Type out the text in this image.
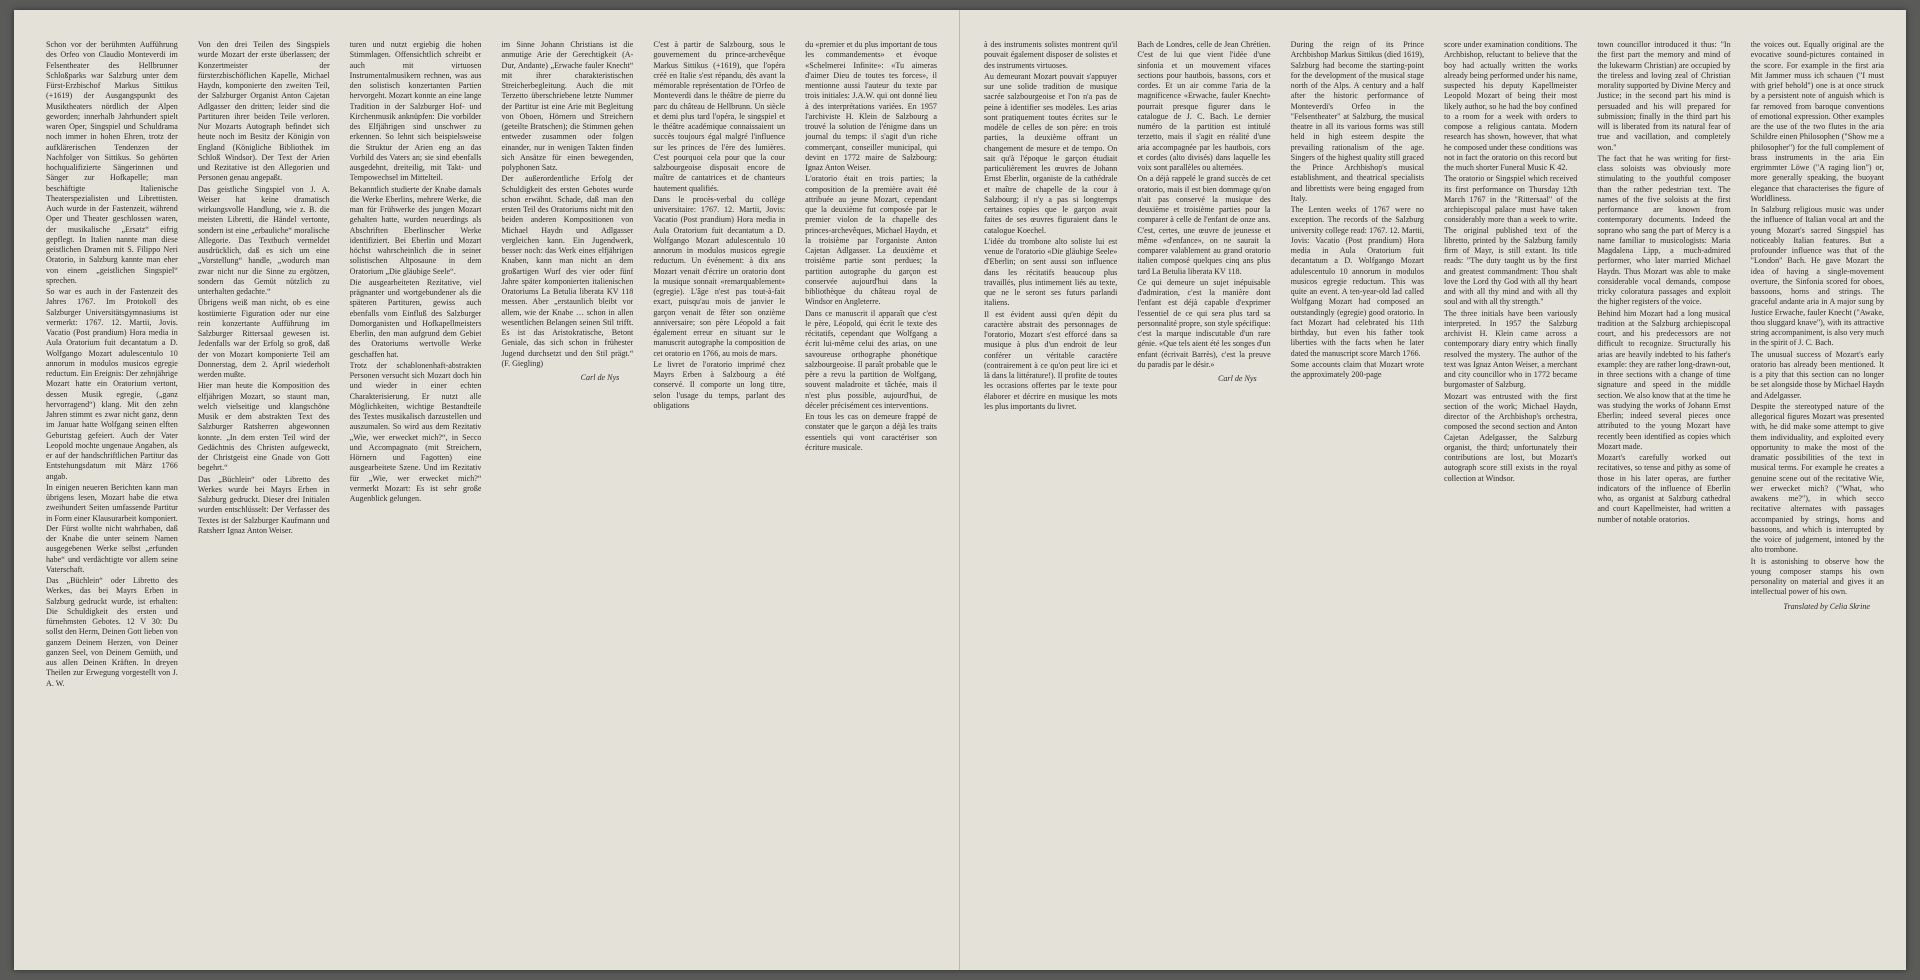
Schon vor der berühmten Aufführung des Orfeo von Claudio Monteverdi im Felsentheater des Hellbrunner Schloßparks war Salzburg unter dem Fürst-Erzbischof Markus Sittikus (+1619) der Ausgangspunkt des Musiktheaters nördlich der Alpen geworden; innerhalb Jahrhundert spielt waren Oper, Singspiel und Schuldrama noch immer in hohen Ehren, trotz der aufklärerischen Tendenzen der Nachfolger von Sittikus. So gehörten hochqualifizierte Sängerinnen und Sänger zur Hofkapelle; man beschäftigte Italienische Theaterspezialisten und Librettisten. Auch wurde in der Fastenzeit, während Oper und Theater geschlossen waren, der musikalische „Ersatz“ eifrig gepflegt. In Italien nannte man diese geistlichen Dramen mit S. Filippo Neri Oratorio, in Salzburg kannte man eher von einem „geistlichen Singspiel“ sprechen.

So war es auch in der Fastenzeit des Jahres 1767. Im Protokoll des Salzburger Universitätsgymnasiums ist vermerkt: 1767. 12. Martii, Jovis. Vacatio (Post prandium) Hora media in Aula Oratorium fuit decantatum a D. Wolfgango Mozart adulescentulo 10 annorum in modulos musicos egregie reductum. Ein Ereignis: Der zehnjährige Mozart hatte ein Oratorium vertont, dessen Musik egregie, („ganz hervorragend“) klang. Mit den zehn Jahren stimmt es zwar nicht ganz, denn im Januar hatte Wolfgang seinen elften Geburtstag gefeiert. Auch der Vater Leopold mochte ungenaue Angaben, als er auf der handschriftlichen Partitur das Entstehungsdatum mit März 1766 angab.

In einigen neueren Berichten kann man übrigens lesen, Mozart habe die etwa zweihundert Seiten umfassende Partitur in Form einer Klausurarbeit komponiert. Der Fürst wollte nicht wahrhaben, daß der Knabe die unter seinem Namen ausgegebenen Werke selbst „erfunden habe“ und verdächtigte vor allem seine Vaterschaft.

Das „Büchlein“ oder Libretto des Werkes, das bei Mayrs Erben in Salzburg gedruckt wurde, ist erhalten: Die Schuldigkeit des ersten und fürnehmsten Gebotes. 12 V 30: Du sollst den Herrn, Deinen Gott lieben von ganzem Deinem Herzen, von Deiner ganzen Seel, von Deinem Gemüth, und aus allen Deinen Kräften. In dreyen Theilen zur Erwegung vorgestellt von J. A. W.

Von den drei Teilen des Singspiels wurde Mozart der erste überlassen; der Konzertmeister der fürsterzbischöflichen Kapelle, Michael Haydn, komponierte den zweiten Teil, der Salzburger Organist Anton Cajetan Adlgasser den dritten; leider sind die Partituren ihrer beiden Teile verloren. Nur Mozarts Autograph befindet sich heute noch im Besitz der Königin von England (Königliche Bibliothek im Schloß Windsor). Der Text der Arien und Rezitative ist den Allegorien und Personen genau angepaßt.

Das geistliche Singspiel von J. A. Weiser hat keine dramatisch wirkungsvolle Handlung, wie z. B. die meisten Libretti, die Händel vertonte, sondern ist eine „erbauliche“ moralische Allegorie. Das Textbuch vermeldet ausdrücklich, daß es sich um eine „Vorstellung“ handle, „wodurch man zwar nicht nur die Sinne zu ergötzen, sondern das Gemüt nützlich zu unterhalten gedachte.“

Übrigens weiß man nicht, ob es eine kostümierte Figuration oder nur eine rein konzertante Aufführung im Salzburger Rittersaal gewesen ist. Jedenfalls war der Erfolg so groß, daß der von Mozart komponierte Teil am Donnerstag, dem 2. April wiederholt werden mußte.

Hier man heute die Komposition des elfjährigen Mozart, so staunt man, welch vielseitige und klangschöne Musik er dem abstrakten Text des Salzburger Ratsherren abgewonnen konnte. „In dem ersten Teil wird der Gedächtnis des Christen aufgeweckt, der Christgeist eine Gnade von Gott begehrt.“

Das „Büchlein“ oder Libretto des Werkes wurde bei Mayrs Erben in Salzburg gedruckt. Dieser drei Initialen wurden entschlüsselt: Der Verfasser des Textes ist der Salzburger Kaufmann und Ratsherr Ignaz Anton Weiser.

turen und nutzt ergiebig die hohen Stimmlagen. Offensichtlich schreibt er auch mit virtuosen Instrumentalmusikern rechnen, was aus den solistisch konzertanten Partien hervorgeht. Mozart konnte an eine lange Tradition in der Salzburger Hof- und Kirchenmusik anknüpfen: Die vorbilder des Elfjährigen sind unschwer zu erkennen. So lehnt sich beispielsweise die Struktur der Arien eng an das Vorbild des Vaters an; sie sind ebenfalls ausgedehnt, dreiteilig, mit Takt- und Tempowechsel im Mittelteil.

Bekanntlich studierte der Knabe damals die Werke Eberlins, mehrere Werke, die man für Frühwerke des jungen Mozart gehalten hatte, wurden neuerdings als Abschriften Eberlinscher Werke identifiziert. Bei Eberlin und Mozart höchst wahrscheinlich die in seiner solistischen Altposaune in dem Oratorium „Die gläubige Seele“.

Die ausgearbeiteten Rezitative, viel prägnanter und wortgebundener als die späteren Partituren, gewiss auch ebenfalls vom Einfluß des Salzburger Domorganisten und Hofkapellmeisters Eberlin, den man aufgrund dem Gebiet des Oratoriums wertvolle Werke geschaffen hat.

Trotz der schablonenhaft-abstrakten Personen versucht sich Mozart doch hin und wieder in einer echten Charakterisierung. Er nutzt alle Möglichkeiten, wichtige Bestandteile des Textes musikalisch darzustellen und auszumalen. So wird aus dem Rezitativ „Wie, wer erwecket mich?“, in Secco und Accompagnato (mit Streichern, Hörnern und Fagotten) eine ausgearbeitete Szene. Und im Rezitativ für „Wie, wer erwecket mich?“ vermerkt Mozart: Es ist sehr große Augenblick gelungen.

im Sinne Johann Christians ist die anmutige Arie der Gerechtigkeit (A-Dur, Andante) „Erwache fauler Knecht“ mit ihrer charakteristischen Streicherbegleitung. Auch die mit Terzetto überschriebene letzte Nummer der Partitur ist eine Arie mit Begleitung von Oboen, Hörnern und Streichern (geteilte Bratschen); die Stimmen gehen entweder zusammen oder folgen einander, nur in wenigen Takten finden sich Ansätze für einen bewegenden, polyphonen Satz.

Der außerordentliche Erfolg der Schuldigkeit des ersten Gebotes wurde schon erwähnt. Schade, daß man den ersten Teil des Oratoriums nicht mit den beiden anderen Kompositionen von Michael Haydn und Adlgasser vergleichen kann. Ein Jugendwerk, besser noch: das Werk eines elfjährigen Knaben, kann man nicht an dem großartigen Wurf des vier oder fünf Jahre später komponierten italienischen Oratoriums La Betulia liberata KV 118 messen. Aber „erstaunlich bleibt vor allem, wie der Knabe … schon in allen wesentlichen Belangen seinen Stil trifft. Es ist das Aristokratische, Betont Geniale, das sich schon in frühester Jugend durchsetzt und den Stil prägt.“ (F. Giegling)

Carl de Nys

C'est à partir de Salzbourg, sous le gouvernement du prince-archevêque Markus Sittikus (+1619), que l'opéra créé en Italie s'est répandu, dès avant la mémorable représentation de l'Orfeo de Monteverdi dans le théâtre de pierre du parc du château de Hellbrunn. Un siècle et demi plus tard l'opéra, le singspiel et le théâtre académique connaissaient un succès toujours égal malgré l'influence sur les princes de l'ère des lumières. C'est pourquoi cela pour que la cour salzbourgeoise disposait encore de maître de cantatrices et de chanteurs hautement qualifiés.

Dans le procès-verbal du collège universitaire: 1767. 12. Martii, Jovis: Vacatio (Post prandium) Hora media in Aula Oratorium fuit decantatum a D. Wolfgango Mozart adulescentulo 10 annorum in modulos musicos egregie reductum. Un événement: à dix ans Mozart venait d'écrire un oratorio dont la musique sonnait «remarquablement» (egregie). L'âge n'est pas tout-à-fait exact, puisqu'au mois de janvier le garçon venait de fêter son onzième anniversaire; son père Léopold a fait également erreur en situant sur le manuscrit autographe la composition de cet oratorio en 1766, au mois de mars.

Le livret de l'oratorio imprimé chez Mayrs Erben à Salzbourg a été conservé. Il comporte un long titre, selon l'usage du temps, parlant des obligations

du «premier et du plus important de tous les commandements» et évoque «Schelmerei Infinite»: «Tu aimeras d'aimer Dieu de toutes tes forces», il mentionne aussi l'auteur du texte par trois initiales: J.A.W. qui ont donné lieu à des interprétations variées. En 1957 l'archiviste H. Klein de Salzbourg a trouvé la solution de l'énigme dans un journal du temps: il s'agit d'un riche commerçant, conseiller municipal, qui devint en 1772 maire de Salzbourg: Ignaz Anton Weiser.

L'oratorio était en trois parties; la composition de la première avait été attribuée au jeune Mozart, cependant que la deuxième fut composée par le premier violon de la chapelle des princes-archevêques, Michael Haydn, et la troisième par l'organiste Anton Cajetan Adlgasser. La deuxième et troisième partie sont perdues; la partition autographe du garçon est conservée aujourd'hui dans la bibliothèque du château royal de Windsor en Angleterre.

Dans ce manuscrit il apparaît que c'est le père, Léopold, qui écrit le texte des récitatifs, cependant que Wolfgang a écrit lui-même celui des arias, on une savoureuse orthographe phonétique salzbourgeoise. Il paraît probable que le père a revu la partition de Wolfgang, souvent maladroite et tâchée, mais il n'est plus possible, aujourd'hui, de déceler précisément ces interventions.

En tous les cas on demeure frappé de constater que le garçon a déjà les traits essentiels qui vont caractériser son écriture musicale.

à des instruments solistes montrent qu'il pouvait également disposer de solistes et des instruments virtuoses.

Au demeurant Mozart pouvait s'appuyer sur une solide tradition de musique sacrée salzbourgeoise et l'on n'a pas de peine à identifier ses modèles. Les arias sont pratiquement toutes écrites sur le modèle de celles de son père: en trois parties, la deuxième offrant un changement de mesure et de tempo. On sait qu'à l'époque le garçon étudiait particulièrement les œuvres de Johann Ernst Eberlin, organiste de la cathédrale et maître de chapelle de la cour à Salzbourg; il n'y a pas si longtemps certaines copies que le garçon avait faites de ses œuvres figuraient dans le catalogue Koechel.

L'idée du trombone alto soliste lui est venue de l'oratorio «Die gläubige Seele» d'Eberlin; on sent aussi son influence dans les récitatifs beaucoup plus travaillés, plus intimement liés au texte, que ne le seront ses futurs parlandi italiens.

Il est évident aussi qu'en dépit du caractère abstrait des personnages de l'oratorio, Mozart s'est efforcé dans sa musique à plus d'un endroit de leur conférer un véritable caractère (contrairement à ce qu'on peut lire ici et là dans la littérature!). Il profite de toutes les occasions offertes par le texte pour élaborer et décrire en musique les mots les plus importants du livret.

Bach de Londres, celle de Jean Chrétien. C'est de lui que vient l'idée d'une sinfonia et un mouvement vifaces sections pour hautbois, bassons, cors et cordes. Et un air comme l'aria de la magnificence «Erwache, fauler Knecht» pourrait presque figurer dans le catalogue de J. C. Bach. Le dernier numéro de la partition est intitulé terzetto, mais il s'agit en réalité d'une aria accompagnée par les hautbois, cors et cordes (alto divisés) dans laquelle les voix sont parallèles ou alternées.

On a déjà rappelé le grand succès de cet oratorio, mais il est bien dommage qu'on n'ait pas conservé la musique des deuxième et troisième parties pour la comparer à celle de l'enfant de onze ans. C'est, certes, une œuvre de jeunesse et même «d'enfance», on ne saurait la comparer valablement au grand oratorio italien composé quelques cinq ans plus tard La Betulia liberata KV 118.

Ce qui demeure un sujet inépuisable d'admiration, c'est la manière dont l'enfant est déjà capable d'exprimer l'essentiel de ce qui sera plus tard sa personnalité propre, son style spécifique: c'est la marque indiscutable d'un rare génie. «Que tels aient été les songes d'un enfant (écrivait Barrès), c'est la preuve du paradis par le désir.»

Carl de Nys

During the reign of its Prince Archbishop Markus Sittikus (died 1619), Salzburg had become the starting-point for the development of the musical stage north of the Alps. A century and a half after the historic performance of Monteverdi's Orfeo in the "Felsentheater" at Salzburg, the musical theatre in all its various forms was still held in high esteem despite the prevailing rationalism of the age. Singers of the highest quality still graced the Prince Archbishop's musical establishment, and theatrical specialists and librettists were being engaged from Italy.

The Lenten weeks of 1767 were no exception. The records of the Salzburg university college read: 1767. 12. Martii, Jovis: Vacatio (Post prandium) Hora media in Aula Oratorium fuit decantatum a D. Wolfgango Mozart adulescentulo 10 annorum in modulos musicos egregie reductum. This was quite an event. A ten-year-old lad called Wolfgang Mozart had composed an outstandingly (egregie) good oratorio. In fact Mozart had celebrated his 11th birthday, but even his father took liberties with the facts when he later dated the manuscript score March 1766.

Some accounts claim that Mozart wrote the approximately 200-page

score under examination conditions. The Archbishop, reluctant to believe that the boy had actually written the works already being performed under his name, suspected his deputy Kapellmeister Leopold Mozart of being their most likely author, so he had the boy confined to a room for a week with orders to compose a religious cantata. Modern research has shown, however, that what he composed under these conditions was not in fact the oratorio on this record but the much shorter Funeral Music K 42.

The oratorio or Singspiel which received its first performance on Thursday 12th March 1767 in the "Rittersaal" of the archiepiscopal palace must have taken considerably more than a week to write. The original published text of the libretto, printed by the Salzburg family firm of Mayr, is still extant. Its title reads: "The duty taught us by the first and greatest commandment: Thou shalt love the Lord thy God with all thy heart and with all thy mind and with all thy soul and with all thy strength."

The three initials have been variously interpreted. In 1957 the Salzburg archivist H. Klein came across a contemporary diary entry which finally resolved the mystery. The author of the text was Ignaz Anton Weiser, a merchant and city councillor who in 1772 became burgomaster of Salzburg.

Mozart was entrusted with the first section of the work; Michael Haydn, director of the Archbishop's orchestra, composed the second section and Anton Cajetan Adelgasser, the Salzburg organist, the third; unfortunately their contributions are lost, but Mozart's autograph score still exists in the royal collection at Windsor.

town councillor introduced it thus: "In the first part the memory and mind of the lukewarm Christian) are occupied by the tireless and loving zeal of Christian morality supported by Divine Mercy and Justice; in the second part his mind is persuaded and his will prepared for submission; finally in the third part his will is liberated from its natural fear of true and vacillation, and completely won."

The fact that he was writing for first-class soloists was obviously more stimulating to the youthful composer than the rather pedestrian text. The names of the five soloists at the first performance are known from contemporary documents. Indeed the soprano who sang the part of Mercy is a name familiar to musicologists: Maria Magdalena Lipp, a much-admired performer, who later married Michael Haydn. Thus Mozart was able to make considerable vocal demands, compose tricky coloratura passages and exploit the higher registers of the voice.

Behind him Mozart had a long musical tradition at the Salzburg archiepiscopal court, and his predecessors are not difficult to recognize. Structurally his arias are heavily indebted to his father's example: they are rather long-drawn-out, in three sections with a change of time signature and speed in the middle section. We also know that at the time he was studying the works of Johann Ernst Eberlin; indeed several pieces once attributed to the young Mozart have recently been identified as copies which Mozart made.

Mozart's carefully worked out recitatives, so tense and pithy as some of those in his later operas, are further indicators of the influence of Eberlin who, as organist at Salzburg cathedral and court Kapellmeister, had written a number of notable oratorios.

the voices out. Equally original are the evocative sound-pictures contained in the score. For example in the first aria Mit Jammer muss ich schauen ("I must with grief behold") one is at once struck by a persistent note of anguish which is far removed from baroque conventions of emotional expression. Other examples are the use of the two flutes in the aria Schildre einen Philosophen ("Show me a philosopher") for the full complement of brass instruments in the aria Ein ergrimmter Löwe ("A raging lion") or, more generally speaking, the buoyant elegance that characterises the figure of Worldliness.

In Salzburg religious music was under the influence of Italian vocal art and the young Mozart's sacred Singspiel has noticeably Italian features. But a profounder influence was that of the "London" Bach. He gave Mozart the idea of having a single-movement overture, the Sinfonia scored for oboes, bassoons, horns and strings. The graceful andante aria in A major sung by Justice Erwache, fauler Knecht ("Awake, thou sluggard knave"), with its attractive string accompaniment, is also very much in the spirit of J. C. Bach.

The unusual success of Mozart's early oratorio has already been mentioned. It is a pity that this section can no longer be set alongside those by Michael Haydn and Adelgasser.

Despite the stereotyped nature of the allegorical figures Mozart was presented with, he did make some attempt to give them individuality, and exploited every opportunity to make the most of the dramatic possibilities of the text in musical terms. For example he creates a genuine scene out of the recitative Wie, wer erwecket mich? ("What, who awakens me?"), in which secco recitative alternates with passages accompanied by strings, horns and bassoons, and which is interrupted by the voice of judgement, intoned by the alto trombone.

It is astonishing to observe how the young composer stamps his own personality on material and gives it an intellectual power of his own.

Translated by Celia Skrine
